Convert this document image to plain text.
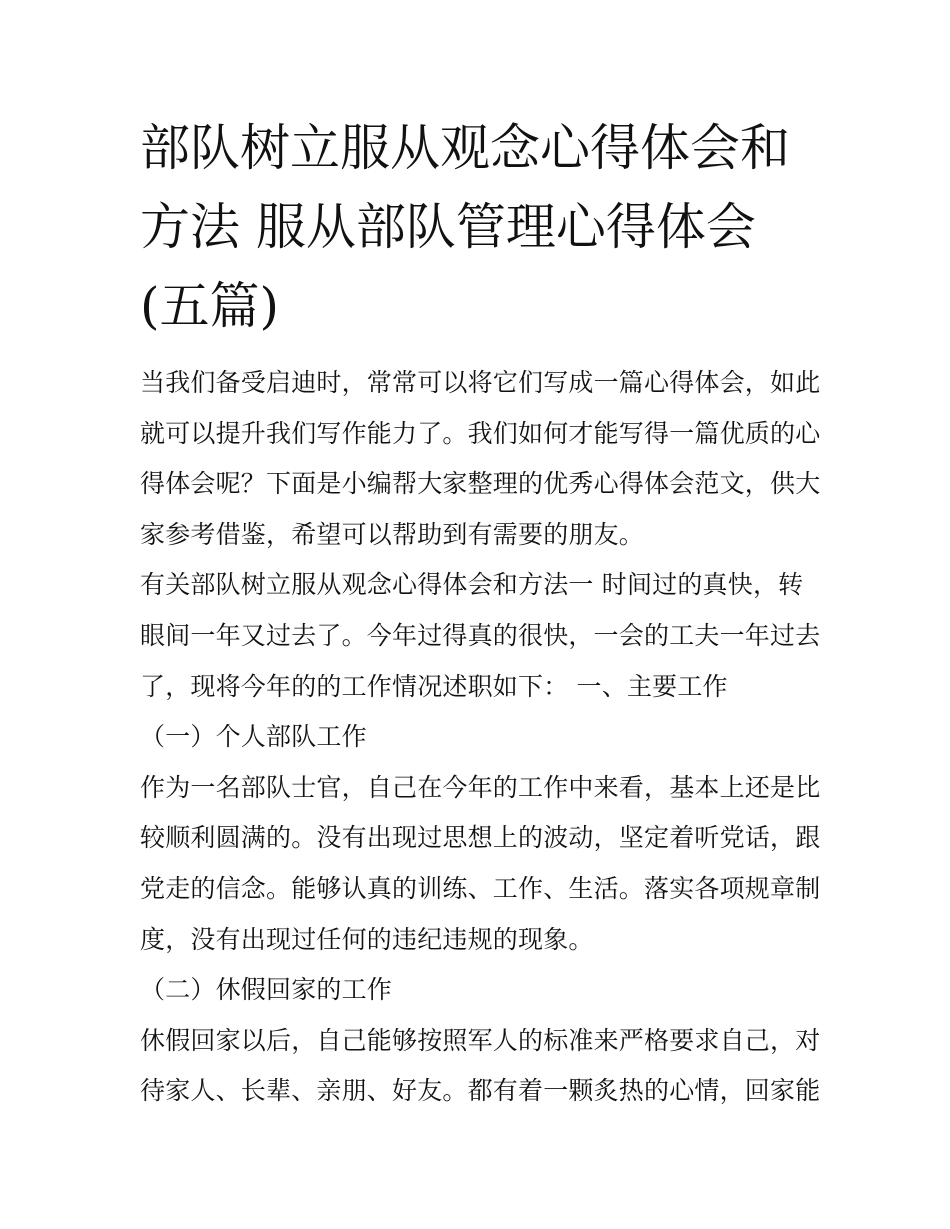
部队树立服从观念心得体会和
方法 服从部队管理心得体会
(五篇)
当我们备受启迪时，常常可以将它们写成一篇心得体会，如此
就可以提升我们写作能力了。我们如何才能写得一篇优质的心
得体会呢？下面是小编帮大家整理的优秀心得体会范文，供大
家参考借鉴，希望可以帮助到有需要的朋友。
有关部队树立服从观念心得体会和方法一 时间过的真快，转
眼间一年又过去了。今年过得真的很快，一会的工夫一年过去
了，现将今年的的工作情况述职如下： 一、主要工作
（一）个人部队工作
作为一名部队士官，自己在今年的工作中来看，基本上还是比
较顺利圆满的。没有出现过思想上的波动，坚定着听党话，跟
党走的信念。能够认真的训练、工作、生活。落实各项规章制
度，没有出现过任何的违纪违规的现象。
（二）休假回家的工作
休假回家以后，自己能够按照军人的标准来严格要求自己，对
待家人、长辈、亲朋、好友。都有着一颗炙热的心情，回家能
